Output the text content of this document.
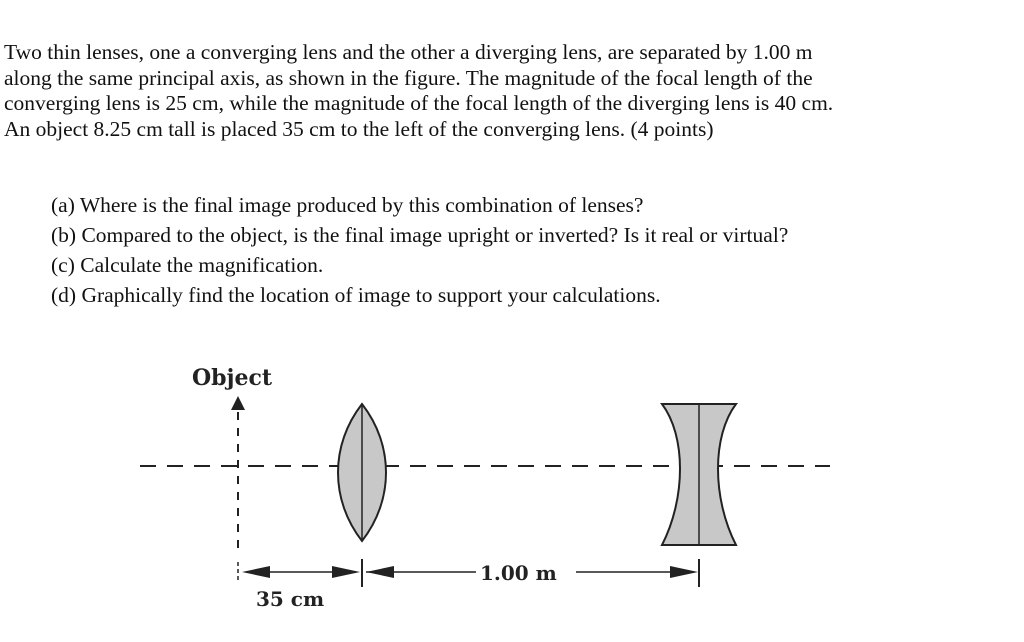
Two thin lenses, one a converging lens and the other a diverging lens, are separated by 1.00 m
along the same principal axis, as shown in the figure. The magnitude of the focal length of the
converging lens is 25 cm, while the magnitude of the focal length of the diverging lens is 40 cm.
An object 8.25 cm tall is placed 35 cm to the left of the converging lens. (4 points)
(a) Where is the final image produced by this combination of lenses?
(b) Compared to the object, is the final image upright or inverted? Is it real or virtual?
(c) Calculate the magnification.
(d) Graphically find the location of image to support your calculations.
Object
35 cm
1.00 m
